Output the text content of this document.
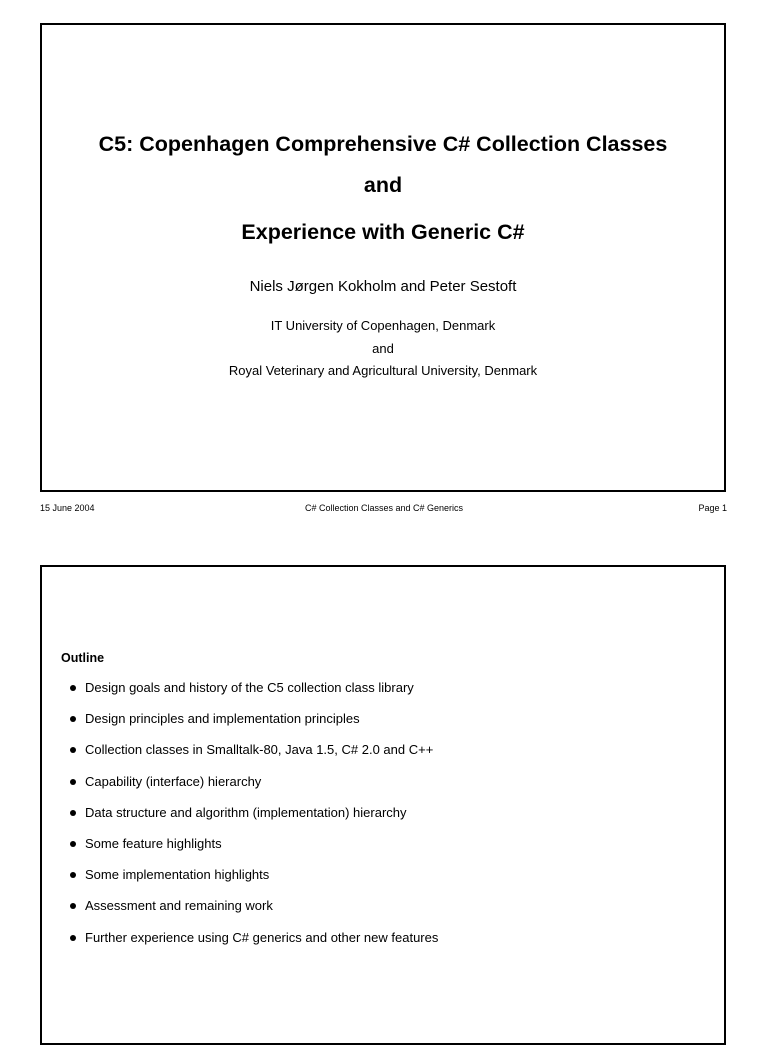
C5: Copenhagen Comprehensive C# Collection Classes
and
Experience with Generic C#
Niels Jørgen Kokholm and Peter Sestoft
IT University of Copenhagen, Denmark
and
Royal Veterinary and Agricultural University, Denmark
15 June 2004	C# Collection Classes and C# Generics	Page 1
Outline
Design goals and history of the C5 collection class library
Design principles and implementation principles
Collection classes in Smalltalk-80, Java 1.5, C# 2.0 and C++
Capability (interface) hierarchy
Data structure and algorithm (implementation) hierarchy
Some feature highlights
Some implementation highlights
Assessment and remaining work
Further experience using C# generics and other new features
